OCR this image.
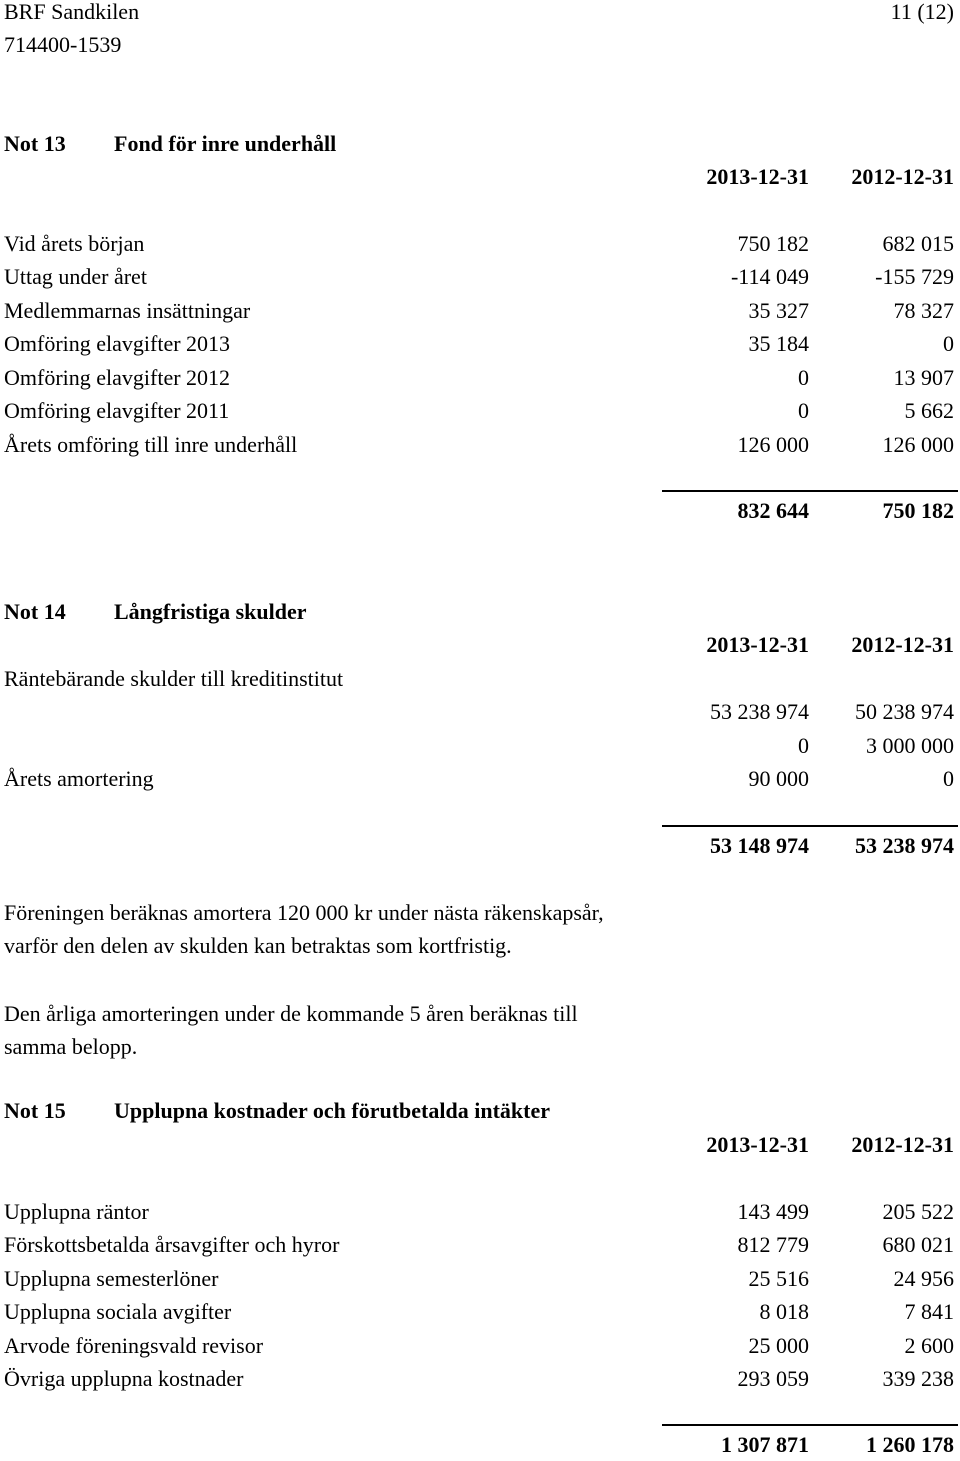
BRF Sandkilen
714400-1539
11 (12)
Not 13 Fond för inre underhåll
2013-12-31	2012-12-31
Vid årets början	750 182	682 015
Uttag under året	-114 049	-155 729
Medlemmarnas insättningar	35 327	78 327
Omföring elavgifter 2013	35 184	0
Omföring elavgifter 2012	0	13 907
Omföring elavgifter 2011	0	5 662
Årets omföring till inre underhåll	126 000	126 000
832 644	750 182
Not 14 Långfristiga skulder
2013-12-31	2012-12-31
Räntebärande skulder till kreditinstitut
53 238 974	50 238 974
0	3 000 000
Årets amortering	90 000	0
53 148 974	53 238 974
Föreningen beräknas amortera 120 000 kr under nästa räkenskapsår,
varför den delen av skulden kan betraktas som kortfristig.
Den årliga amorteringen under de kommande 5 åren beräknas till
samma belopp.
Not 15 Upplupna kostnader och förutbetalda intäkter
2013-12-31	2012-12-31
Upplupna räntor	143 499	205 522
Förskottsbetalda årsavgifter och hyror	812 779	680 021
Upplupna semesterlöner	25 516	24 956
Upplupna sociala avgifter	8 018	7 841
Arvode föreningsvald revisor	25 000	2 600
Övriga upplupna kostnader	293 059	339 238
1 307 871	1 260 178
